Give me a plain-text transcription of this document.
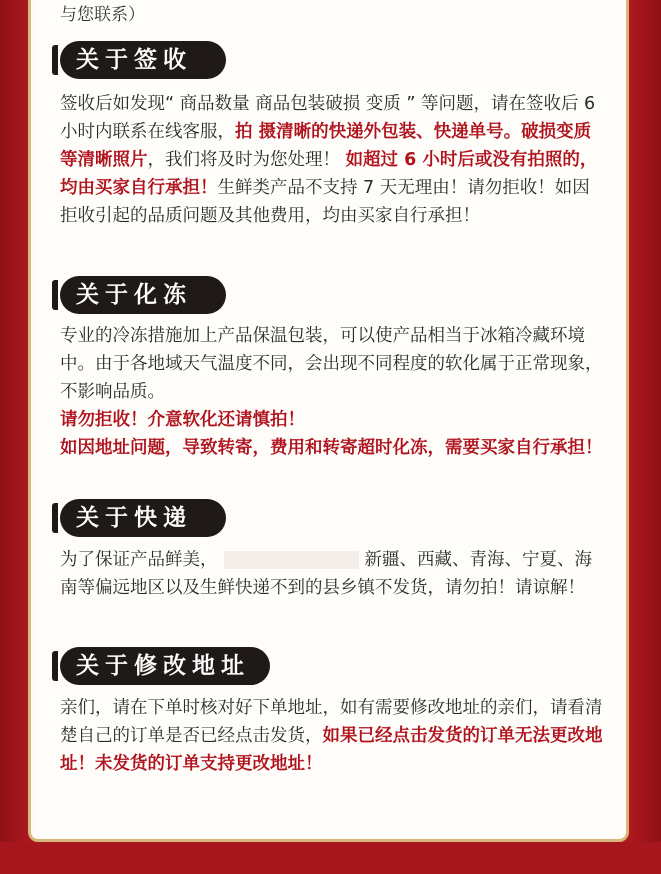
与您联系）
关于签收
签收后如发现“ 商品数量 商品包装破损 变质 ” 等问题，请在签收后 6 小时内联系在线客服，拍 摄清晰的快递外包装、快递单号。破损变质等清晰照片，我们将及时为您处理！ 如超过 6 小时后或没有拍照的， 均由买家自行承担！生鲜类产品不支持 7 天无理由！请勿拒收！如因拒收引起的品质问题及其他费用，均由买家自行承担！
关于化冻
专业的冷冻措施加上产品保温包装，可以使产品相当于冰箱冷藏环境中。由于各地域天气温度不同，会出现不同程度的软化属于正常现象，不影响品质。
请勿拒收！介意软化还请慎拍！
如因地址问题，导致转寄，费用和转寄超时化冻，需要买家自行承担！
关于快递
为了保证产品鲜美，	新疆、西藏、青海、宁夏、海南等偏远地区以及生鲜快递不到的县乡镇不发货，请勿拍！请谅解！
关于修改地址
亲们，请在下单时核对好下单地址，如有需要修改地址的亲们，请看清楚自己的订单是否已经点击发货，如果已经点击发货的订单无法更改地址！未发货的订单支持更改地址！
